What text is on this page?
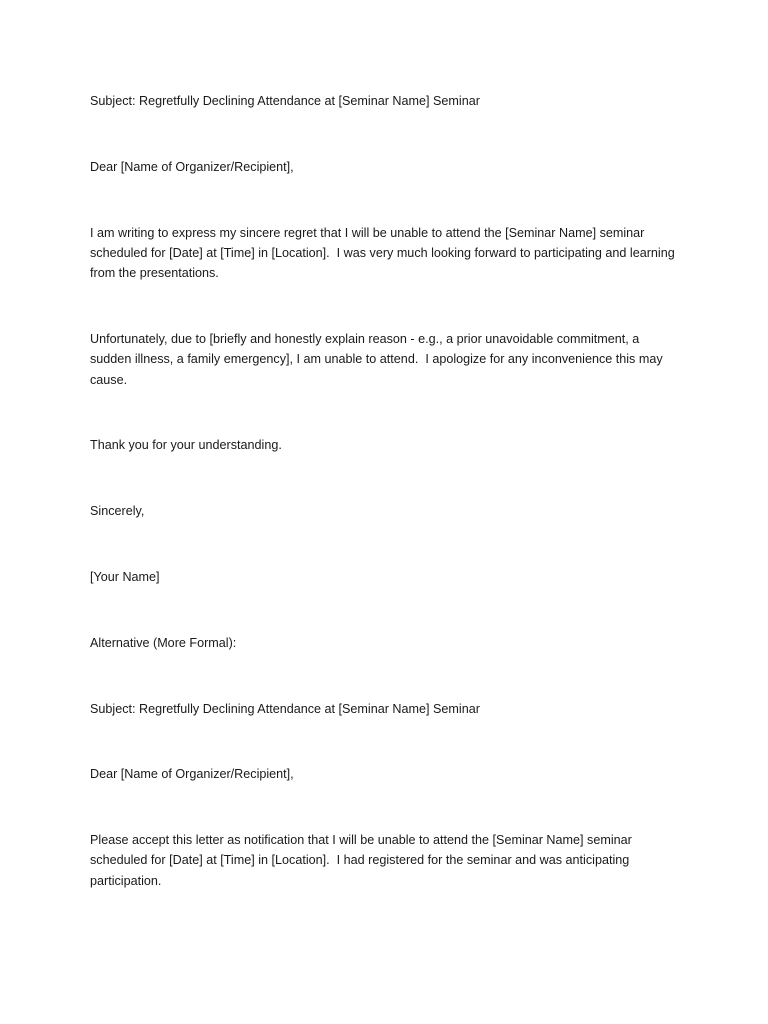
Subject: Regretfully Declining Attendance at [Seminar Name] Seminar

Dear [Name of Organizer/Recipient],

I am writing to express my sincere regret that I will be unable to attend the [Seminar Name] seminar scheduled for [Date] at [Time] in [Location].  I was very much looking forward to participating and learning from the presentations.

Unfortunately, due to [briefly and honestly explain reason - e.g., a prior unavoidable commitment, a sudden illness, a family emergency], I am unable to attend.  I apologize for any inconvenience this may cause.

Thank you for your understanding.

Sincerely,

[Your Name]

Alternative (More Formal):

Subject: Regretfully Declining Attendance at [Seminar Name] Seminar

Dear [Name of Organizer/Recipient],

Please accept this letter as notification that I will be unable to attend the [Seminar Name] seminar scheduled for [Date] at [Time] in [Location].  I had registered for the seminar and was anticipating participation.
